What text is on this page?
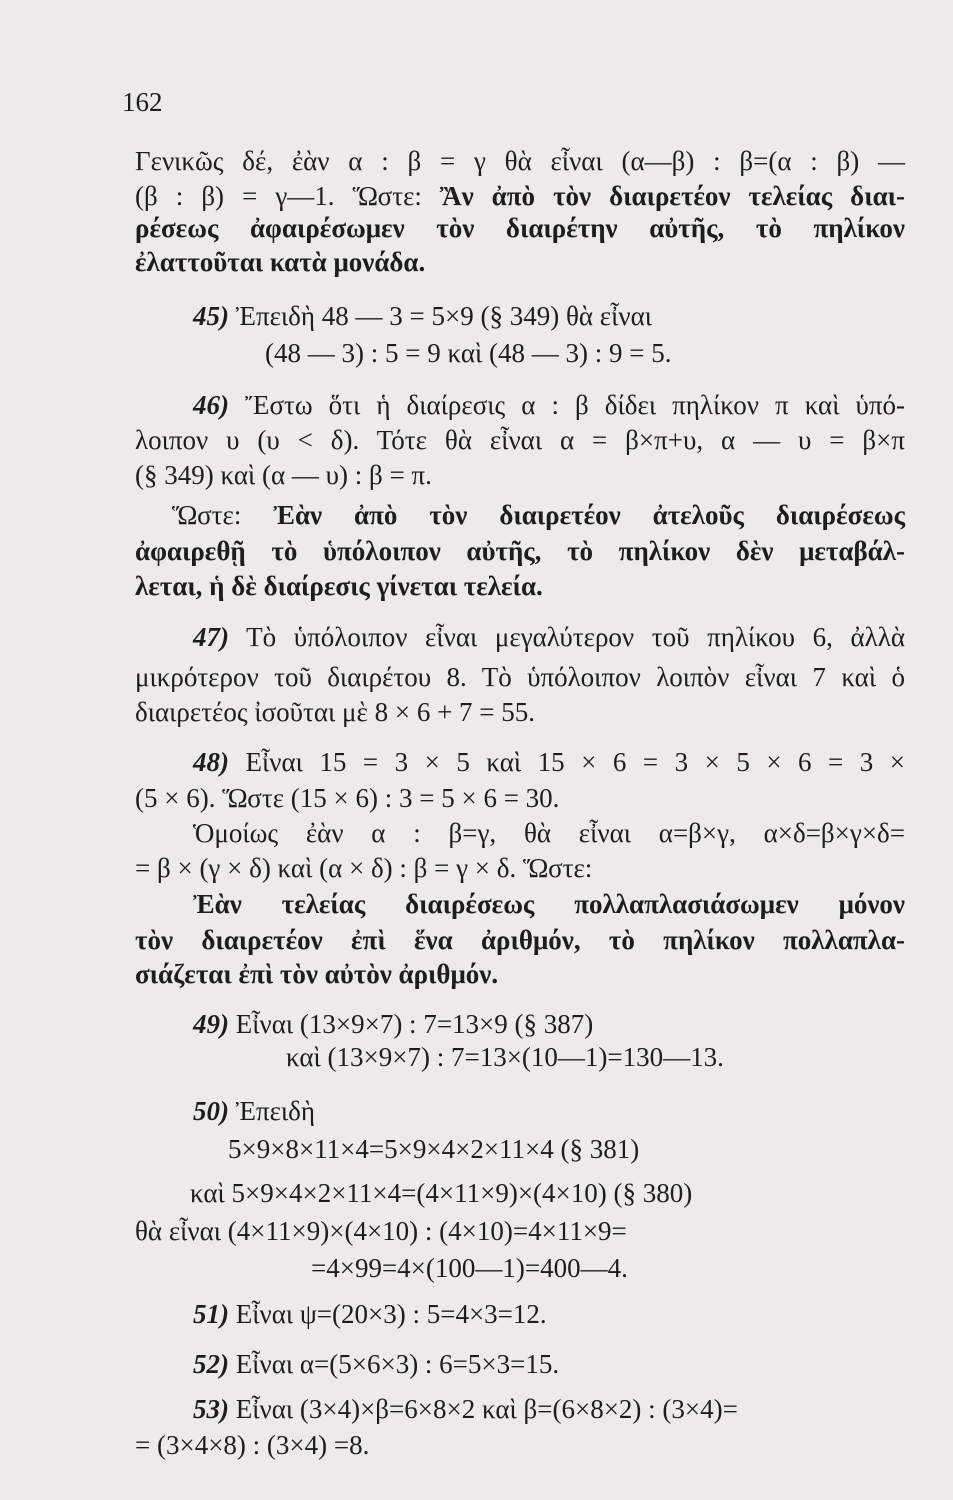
162
Γενικῶς δέ, ἐὰν α : β = γ θὰ εἶναι (α—β) : β=(α : β) —
(β : β) = γ—1. Ὥστε: Ἂν ἀπὸ τὸν διαιρετέον τελείας διαι-
ρέσεως ἀφαιρέσωμεν τὸν διαιρέτην αὐτῆς, τὸ πηλίκον
ἐλαττοῦται κατὰ μονάδα.
45) Ἐπειδὴ 48 — 3 = 5×9 (§ 349) θὰ εἶναι
(48 — 3) : 5 = 9 καὶ (48 — 3) : 9 = 5.
46) Ἔστω ὅτι ἡ διαίρεσις α : β δίδει πηλίκον π καὶ ὑπό-
λοιπον υ (υ < δ). Τότε θὰ εἶναι α = β×π+υ, α — υ = β×π
(§ 349) καὶ (α — υ) : β = π.
Ὥστε: Ἐὰν ἀπὸ τὸν διαιρετέον ἀτελοῦς διαιρέσεως
ἀφαιρεθῇ τὸ ὑπόλοιπον αὐτῆς, τὸ πηλίκον δὲν μεταβάλ-
λεται, ἡ δὲ διαίρεσις γίνεται τελεία.
47) Τὸ ὑπόλοιπον εἶναι μεγαλύτερον τοῦ πηλίκου 6, ἀλλὰ
μικρότερον τοῦ διαιρέτου 8. Τὸ ὑπόλοιπον λοιπὸν εἶναι 7 καὶ ὁ
διαιρετέος ἰσοῦται μὲ 8 × 6 + 7 = 55.
48) Εἶναι 15 = 3 × 5 καὶ 15 × 6 = 3 × 5 × 6 = 3 ×
(5 × 6). Ὥστε (15 × 6) : 3 = 5 × 6 = 30.
Ὁμοίως ἐὰν α : β=γ, θὰ εἶναι α=β×γ, α×δ=β×γ×δ=
= β × (γ × δ) καὶ (α × δ) : β = γ × δ. Ὥστε:
Ἐὰν τελείας διαιρέσεως πολλαπλασιάσωμεν μόνον
τὸν διαιρετέον ἐπὶ ἕνα ἀριθμόν, τὸ πηλίκον πολλαπλα-
σιάζεται ἐπὶ τὸν αὐτὸν ἀριθμόν.
49) Εἶναι (13×9×7) : 7=13×9 (§ 387)
καὶ (13×9×7) : 7=13×(10—1)=130—13.
50) Ἐπειδὴ
5×9×8×11×4=5×9×4×2×11×4 (§ 381)
καὶ 5×9×4×2×11×4=(4×11×9)×(4×10) (§ 380)
θὰ εἶναι (4×11×9)×(4×10) : (4×10)=4×11×9=
=4×99=4×(100—1)=400—4.
51) Εἶναι ψ=(20×3) : 5=4×3=12.
52) Εἶναι α=(5×6×3) : 6=5×3=15.
53) Εἶναι (3×4)×β=6×8×2 καὶ β=(6×8×2) : (3×4)=
= (3×4×8) : (3×4) =8.
